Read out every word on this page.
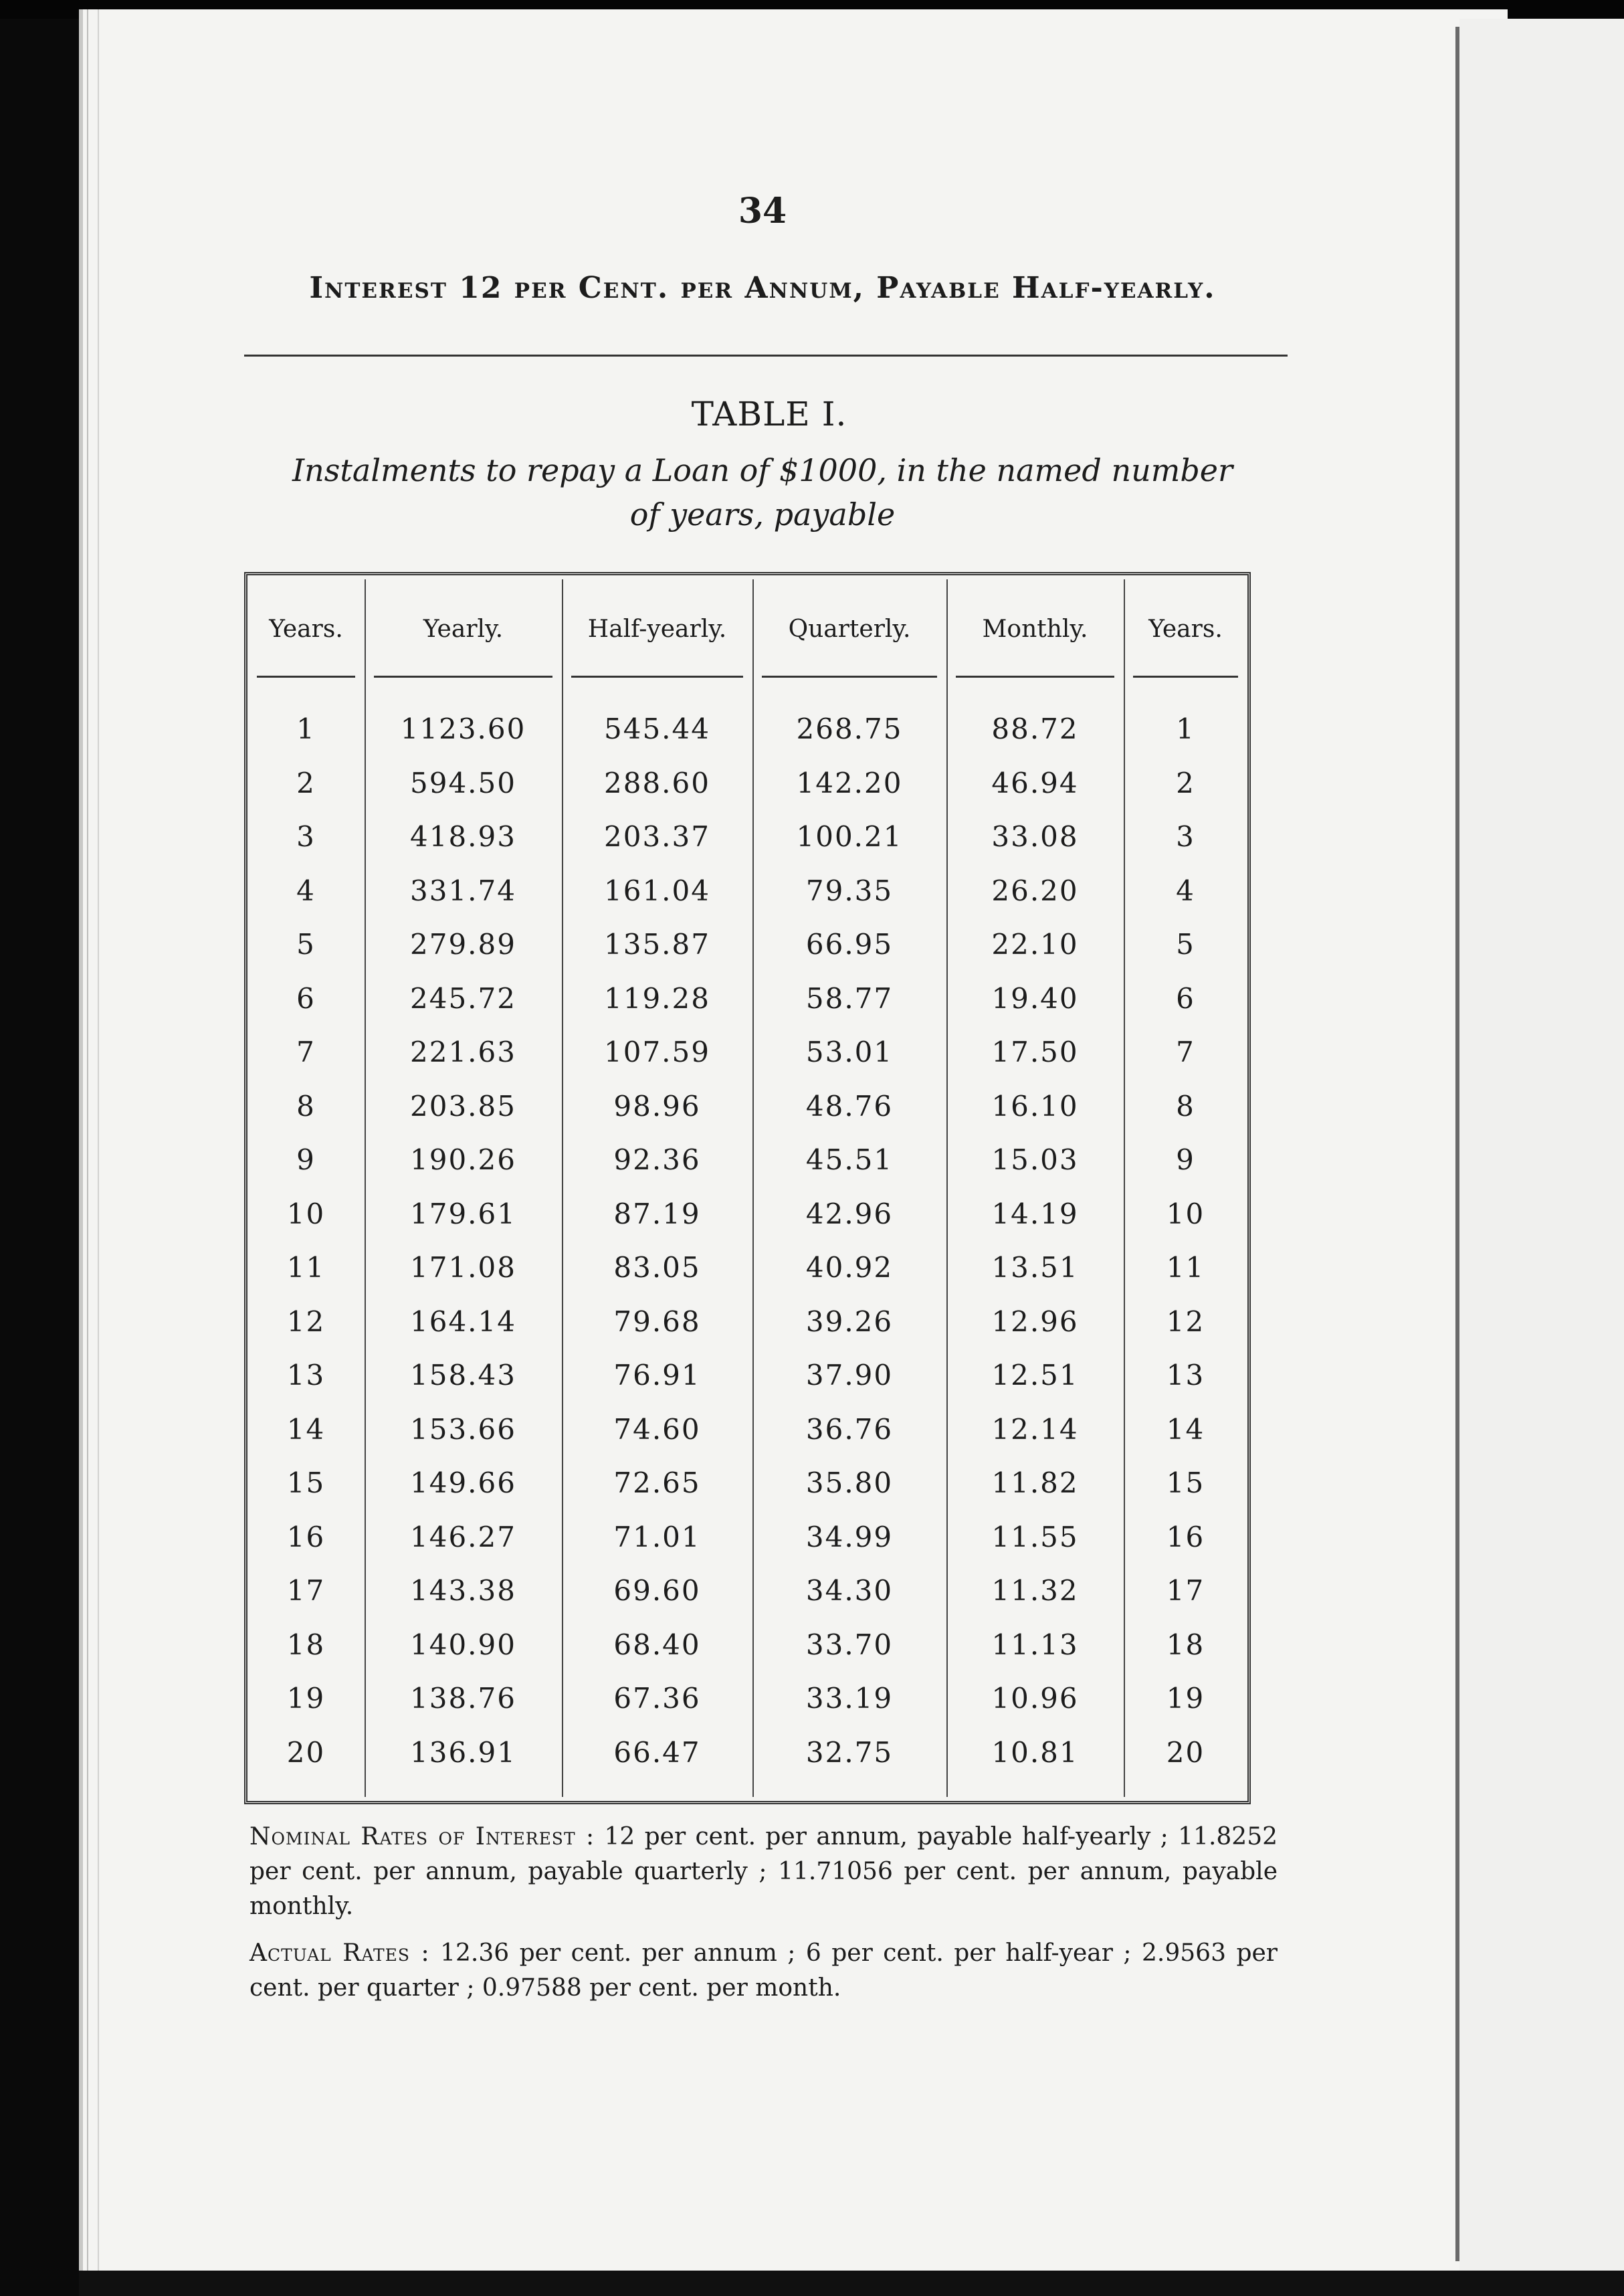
34
Interest 12 per Cent. per Annum, Payable Half-yearly.
TABLE I.
Instalments to repay a Loan of $1000, in the named number
of years, payable
Years.
1
2
3
4
5
6
7
8
9
10
11
12
13
14
15
16
17
18
19
20
Yearly.
1123.60
594.50
418.93
331.74
279.89
245.72
221.63
203.85
190.26
179.61
171.08
164.14
158.43
153.66
149.66
146.27
143.38
140.90
138.76
136.91
Half-yearly.
545.44
288.60
203.37
161.04
135.87
119.28
107.59
98.96
92.36
87.19
83.05
79.68
76.91
74.60
72.65
71.01
69.60
68.40
67.36
66.47
Quarterly.
268.75
142.20
100.21
79.35
66.95
58.77
53.01
48.76
45.51
42.96
40.92
39.26
37.90
36.76
35.80
34.99
34.30
33.70
33.19
32.75
Monthly.
88.72
46.94
33.08
26.20
22.10
19.40
17.50
16.10
15.03
14.19
13.51
12.96
12.51
12.14
11.82
11.55
11.32
11.13
10.96
10.81
Years.
1
2
3
4
5
6
7
8
9
10
11
12
13
14
15
16
17
18
19
20

Nominal Rates of Interest : 12 per cent. per annum, payable half-yearly ; 11.8252 per cent. per annum, payable quarterly ; 11.71056 per cent. per annum, payable monthly.

Actual Rates : 12.36 per cent. per annum ; 6 per cent. per half-year ; 2.9563 per cent. per quarter ; 0.97588 per cent. per month.
